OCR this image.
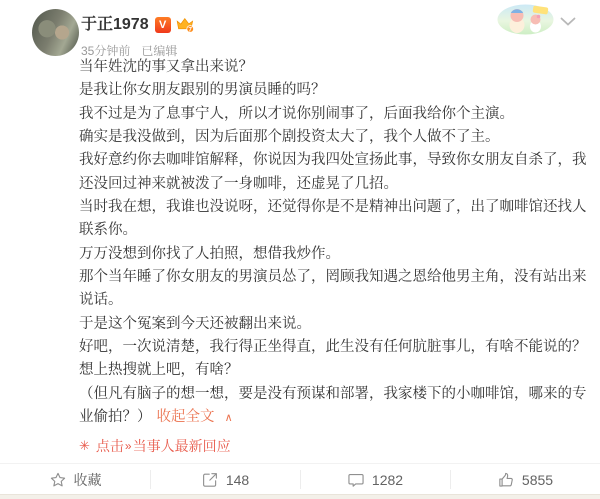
于正1978 V	7
35分钟前 已编辑

当年姓沈的事又拿出来说？

是我让你女朋友跟别的男演员睡的吗？

我不过是为了息事宁人，所以才说你别闹事了，后面我给你个主演。

确实是我没做到，因为后面那个剧投资太大了，我个人做不了主。

我好意约你去咖啡馆解释，你说因为我四处宣扬此事，导致你女朋友自杀了，我还没回过神来就被泼了一身咖啡，还虚晃了几招。

当时我在想，我谁也没说呀，还觉得你是不是精神出问题了，出了咖啡馆还找人联系你。

万万没想到你找了人拍照，想借我炒作。

那个当年睡了你女朋友的男演员怂了，罔顾我知遇之恩给他男主角，没有站出来说话。

于是这个冤案到今天还被翻出来说。

好吧，一次说清楚，我行得正坐得直，此生没有任何肮脏事儿，有啥不能说的？

想上热搜就上吧，有啥？

（但凡有脑子的想一想，要是没有预谋和部署，我家楼下的小咖啡馆，哪来的专业偷拍？） 收起全文 ∧

✳ 点击 » 当事人最新回应
收藏	148	1282	5855
